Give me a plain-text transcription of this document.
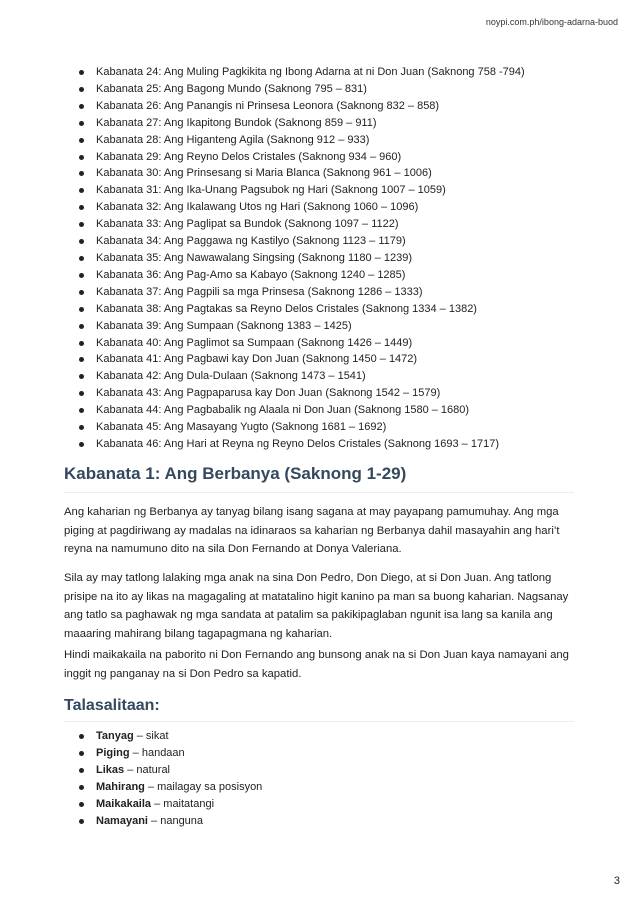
noypi.com.ph/ibong-adarna-buod
Kabanata 24: Ang Muling Pagkikita ng Ibong Adarna at ni Don Juan (Saknong 758 -794)
Kabanata 25: Ang Bagong Mundo (Saknong 795 – 831)
Kabanata 26: Ang Panangis ni Prinsesa Leonora (Saknong 832 – 858)
Kabanata 27: Ang Ikapitong Bundok (Saknong 859 – 911)
Kabanata 28: Ang Higanteng Agila (Saknong 912 – 933)
Kabanata 29: Ang Reyno Delos Cristales (Saknong 934 – 960)
Kabanata 30: Ang Prinsesang si Maria Blanca (Saknong 961 – 1006)
Kabanata 31: Ang Ika-Unang Pagsubok ng Hari (Saknong 1007 – 1059)
Kabanata 32: Ang Ikalawang Utos ng Hari (Saknong 1060 – 1096)
Kabanata 33: Ang Paglipat sa Bundok (Saknong 1097 – 1122)
Kabanata 34: Ang Paggawa ng Kastilyo (Saknong 1123 – 1179)
Kabanata 35: Ang Nawawalang Singsing (Saknong 1180 – 1239)
Kabanata 36: Ang Pag-Amo sa Kabayo (Saknong 1240 – 1285)
Kabanata 37: Ang Pagpili sa mga Prinsesa (Saknong 1286 – 1333)
Kabanata 38: Ang Pagtakas sa Reyno Delos Cristales (Saknong 1334 – 1382)
Kabanata 39: Ang Sumpaan (Saknong 1383 – 1425)
Kabanata 40: Ang Paglimot sa Sumpaan (Saknong 1426 – 1449)
Kabanata 41: Ang Pagbawi kay Don Juan (Saknong 1450 – 1472)
Kabanata 42: Ang Dula-Dulaan (Saknong 1473 – 1541)
Kabanata 43: Ang Pagpaparusa kay Don Juan (Saknong 1542 – 1579)
Kabanata 44: Ang Pagbabalik ng Alaala ni Don Juan (Saknong 1580 – 1680)
Kabanata 45: Ang Masayang Yugto (Saknong 1681 – 1692)
Kabanata 46: Ang Hari at Reyna ng Reyno Delos Cristales (Saknong 1693 – 1717)
Kabanata 1: Ang Berbanya (Saknong 1-29)

Ang kaharian ng Berbanya ay tanyag bilang isang sagana at may payapang pamumuhay. Ang mga piging at pagdiriwang ay madalas na idinaraos sa kaharian ng Berbanya dahil masayahin ang hari’t reyna na namumuno dito na sila Don Fernando at Donya Valeriana.

Sila ay may tatlong lalaking mga anak na sina Don Pedro, Don Diego, at si Don Juan. Ang tatlong prisipe na ito ay likas na magagaling at matatalino higit kanino pa man sa buong kaharian. Nagsanay ang tatlo sa paghawak ng mga sandata at patalim sa pakikipaglaban ngunit isa lang sa kanila ang maaaring mahirang bilang tagapagmana ng kaharian.

Hindi maikakaila na paborito ni Don Fernando ang bunsong anak na si Don Juan kaya namayani ang inggit ng panganay na si Don Pedro sa kapatid.

Talasalitaan:
Tanyag – sikat
Piging – handaan
Likas – natural
Mahirang – mailagay sa posisyon
Maikakaila – maitatangi
Namayani – nanguna
3
